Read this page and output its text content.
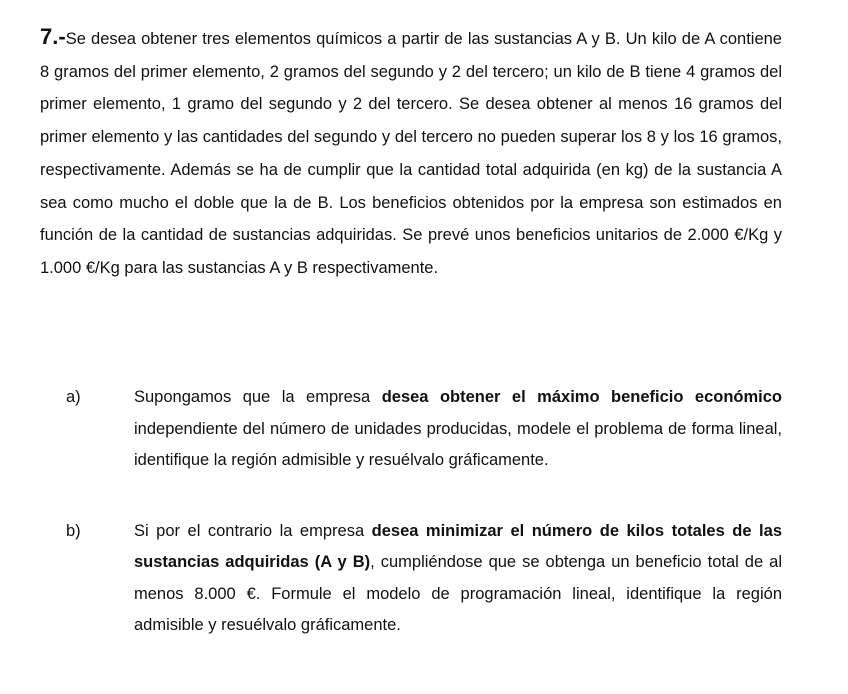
7.-Se desea obtener tres elementos químicos a partir de las sustancias A y B. Un kilo de A contiene 8 gramos del primer elemento, 2 gramos del segundo y 2 del tercero; un kilo de B tiene 4 gramos del primer elemento, 1 gramo del segundo y 2 del tercero. Se desea obtener al menos 16 gramos del primer elemento y las cantidades del segundo y del tercero no pueden superar los 8 y los 16 gramos, respectivamente. Además se ha de cumplir que la cantidad total adquirida (en kg) de la sustancia A sea como mucho el doble que la de B. Los beneficios obtenidos por la empresa son estimados en función de la cantidad de sustancias adquiridas. Se prevé unos beneficios unitarios de 2.000 €/Kg y 1.000 €/Kg para las sustancias A y B respectivamente.
a)	Supongamos que la empresa desea obtener el máximo beneficio económico independiente del número de unidades producidas, modele el problema de forma lineal, identifique la región admisible y resuélvalo gráficamente.
b)	Si por el contrario la empresa desea minimizar el número de kilos totales de las sustancias adquiridas (A y B), cumpliéndose que se obtenga un beneficio total de al menos 8.000 €. Formule el modelo de programación lineal, identifique la región admisible y resuélvalo gráficamente.
